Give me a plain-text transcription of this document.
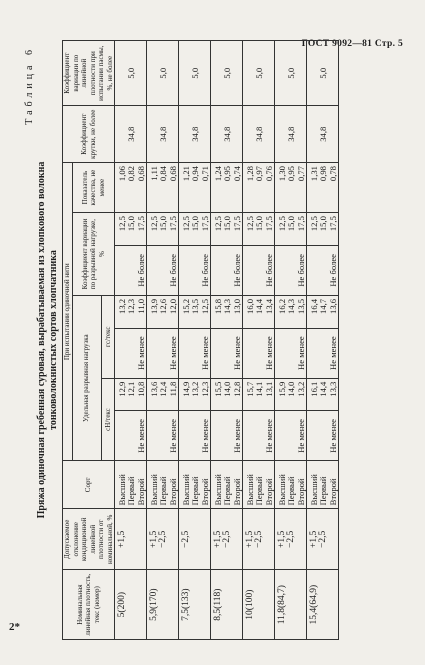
ГОСТ 9092—81 Стр. 5
2*
Таблица 6
Пряжа одиночная гребенная суровая, вырабатываемая из хлопкового волокна тонковолокнистых сортов хлопчатника
Номинальная линейная плотность, текс (номер)	Допускаемое отклонение кондиционной линейной плотности от номинальной, %	Сорт	При испытании одиночной нити							Коэффициент крутки, не более	Коэффициент вариации по линейной плотности при испытании пасмы, %, не более
			Удельная разрывная нагрузка				Коэффициент вариации по разрывной нагрузке, %		Показатель качества, не менее		
			сН/текс		гс/текс						
5(200)	+1,5	Высший Первый Второй	Не менее	12,9 12,1 10,8	Не менее	13,2 12,3 11,0	Не более	12,5 15,0 17,5	1,06 0,82 0,68	34,8	5,0

5,9(170)	+1,5 −2,5	Высший Первый Второй	Не менее	13,6 12,4 11,8	Не менее	13,9 12,6 12,0	Не более	12,5 15,0 17,5	1,11 0,84 0,68	34,8	5,0

7,5(133)	−2,5	Высший Первый Второй	Не менее	14,9 13,2 12,3	Не менее	15,2 13,5 12,5	Не более	12,5 15,0 17,5	1,21 0,94 0,71	34,8	5,0

8,5(118)	+1,5 −2,5	Высший Первый Второй	Не менее	15,5 14,0 12,8	Не менее	15,8 14,3 13,0	Не более	12,5 15,0 17,5	1,24 0,95 0,74	34,8	5,0

10(100)	+1,5 −2,5	Высший Первый Второй	Не менее	15,7 14,1 13,1	Не менее	16,0 14,4 13,4	Не более	12,5 15,0 17,5	1,28 0,97 0,76	34,8	5,0

11,8(84,7)	+1,5 −2,5	Высший Первый Второй	Не менее	15,9 14,0 13,2	Не менее	16,2 14,3 13,5	Не более	12,5 15,0 17,5	1,30 0,95 0,77	34,8	5,0

15,4(64,9)	+1,5 −2,5	Высший Первый Второй	Не менее	16,1 14,4 13,3	Не менее	16,4 14,7 13,6	Не более	12,5 15,0 17,5	1,31 0,98 0,78	34,8	5,0
